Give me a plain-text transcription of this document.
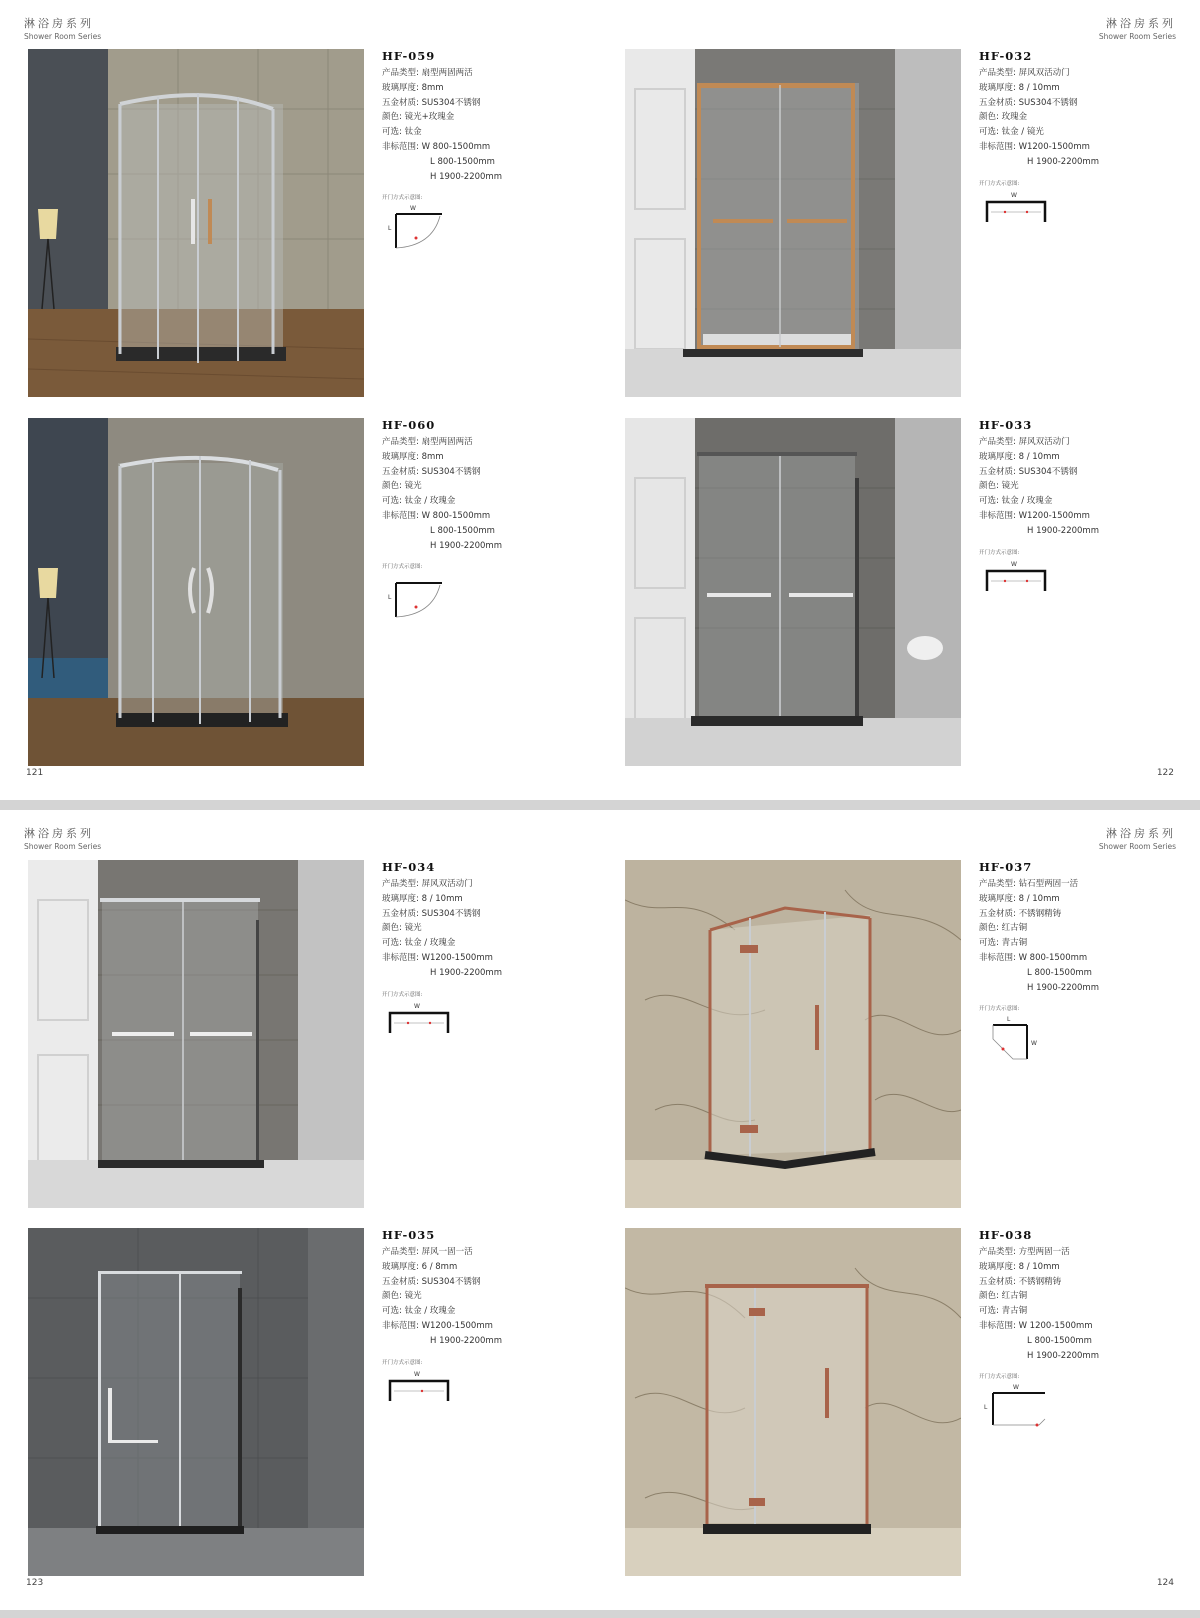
淋浴房系列
Shower Room Series
淋浴房系列
Shower Room Series
HF-059
产品类型: 扇型两固两活
玻璃厚度: 8mm
五金材质: SUS304不锈钢
颜色: 镜光+玫瑰金
可选: 钛金
非标范围: W 800-1500mm
L 800-1500mm
H 1900-2200mm
开门方式示意图:
W
L
HF-032
产品类型: 屏风双活动门
玻璃厚度: 8 / 10mm
五金材质: SUS304不锈钢
颜色: 玫瑰金
可选: 钛金 / 镜光
非标范围: W1200-1500mm
H 1900-2200mm
开门方式示意图:
W
HF-060
产品类型: 扇型两固两活
玻璃厚度: 8mm
五金材质: SUS304不锈钢
颜色: 镜光
可选: 钛金 / 玫瑰金
非标范围: W 800-1500mm
L 800-1500mm
H 1900-2200mm
开门方式示意图:
L
HF-033
产品类型: 屏风双活动门
玻璃厚度: 8 / 10mm
五金材质: SUS304不锈钢
颜色: 镜光
可选: 钛金 / 玫瑰金
非标范围: W1200-1500mm
H 1900-2200mm
开门方式示意图:
W
121	122
淋浴房系列
Shower Room Series
淋浴房系列
Shower Room Series
HF-034
产品类型: 屏风双活动门
玻璃厚度: 8 / 10mm
五金材质: SUS304不锈钢
颜色: 镜光
可选: 钛金 / 玫瑰金
非标范围: W1200-1500mm
H 1900-2200mm
开门方式示意图:
W
HF-037
产品类型: 钻石型两固一活
玻璃厚度: 8 / 10mm
五金材质: 不锈钢精铸
颜色: 红古铜
可选: 青古铜
非标范围: W 800-1500mm
L 800-1500mm
H 1900-2200mm
开门方式示意图:
L
W
HF-035
产品类型: 屏风一固一活
玻璃厚度: 6 / 8mm
五金材质: SUS304不锈钢
颜色: 镜光
可选: 钛金 / 玫瑰金
非标范围: W1200-1500mm
H 1900-2200mm
开门方式示意图:
W
HF-038
产品类型: 方型两固一活
玻璃厚度: 8 / 10mm
五金材质: 不锈钢精铸
颜色: 红古铜
可选: 青古铜
非标范围: W 1200-1500mm
L 800-1500mm
H 1900-2200mm
开门方式示意图:
W
L
123	124
